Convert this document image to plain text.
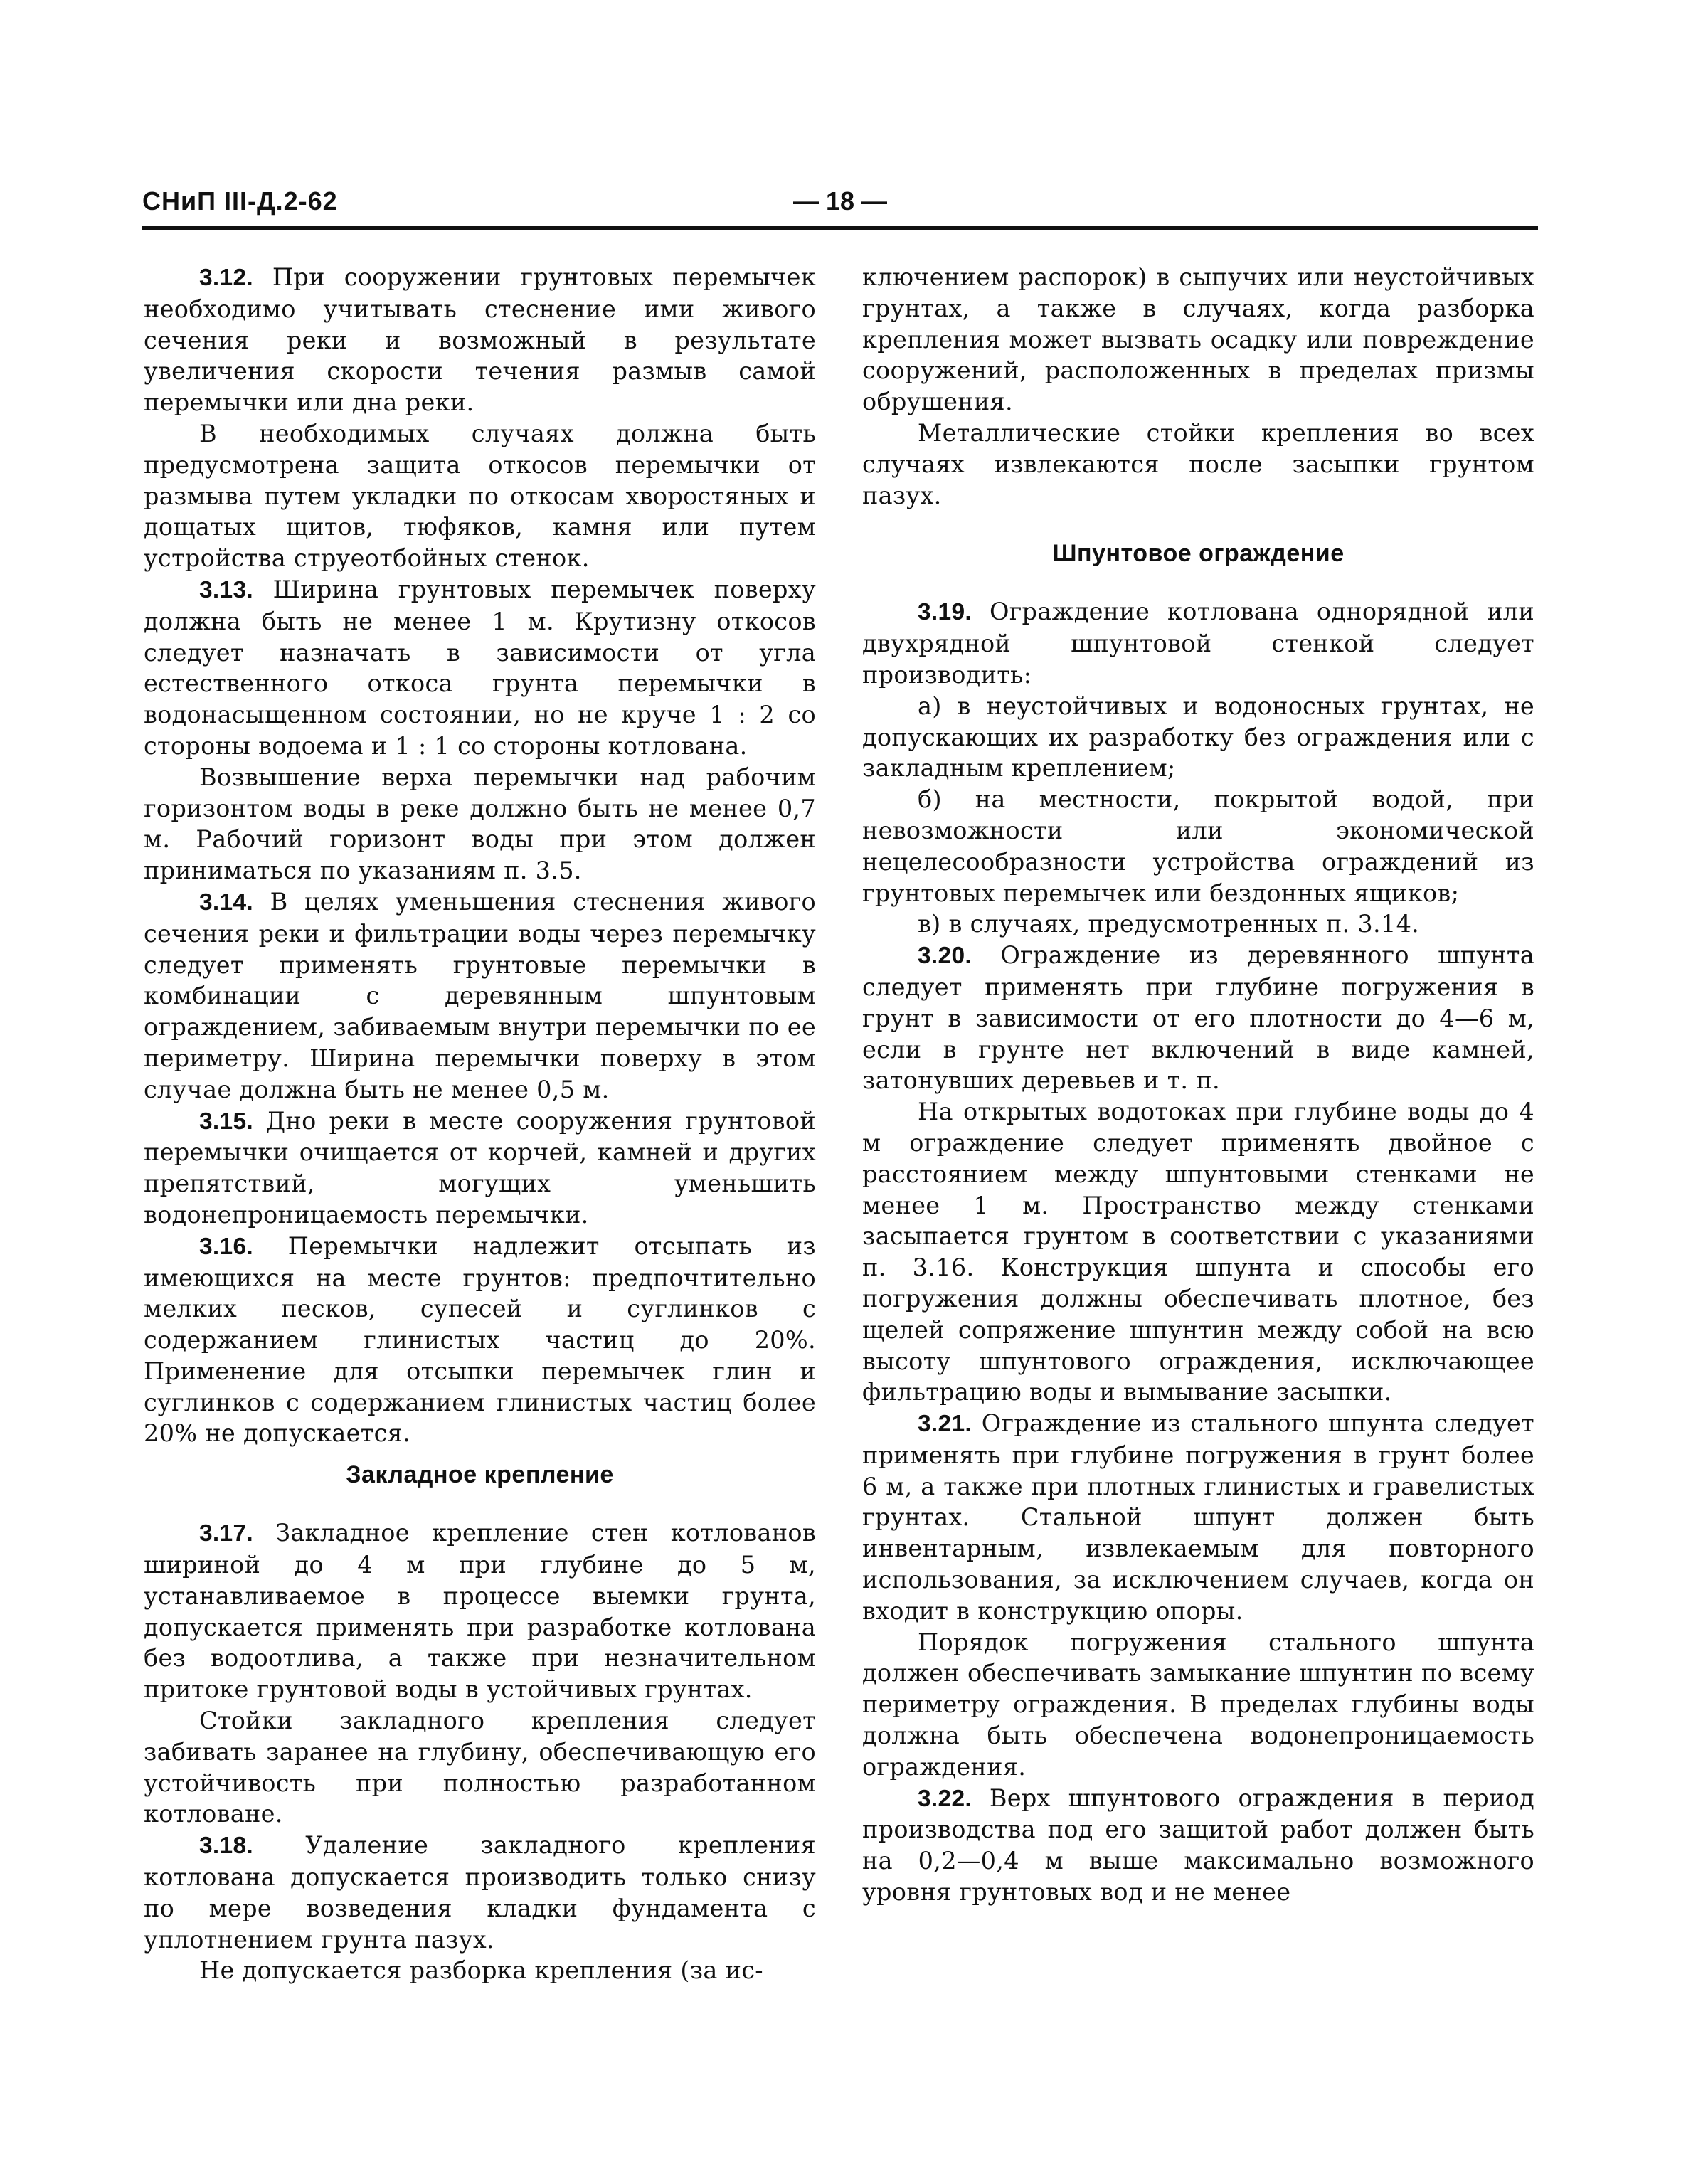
СНиП III-Д.2-62	— 18 —

3.12. При сооружении грунтовых перемычек необходимо учитывать стеснение ими живого сечения реки и возможный в результате увеличения скорости течения размыв самой перемычки или дна реки.

В необходимых случаях должна быть предусмотрена защита откосов перемычки от размыва путем укладки по откосам хворостяных и дощатых щитов, тюфяков, камня или путем устройства струеотбойных стенок.

3.13. Ширина грунтовых перемычек поверху должна быть не менее 1 м. Крутизну откосов следует назначать в зависимости от угла естественного откоса грунта перемычки в водонасыщенном состоянии, но не круче 1 : 2 со стороны водоема и 1 : 1 со стороны котлована.

Возвышение верха перемычки над рабочим горизонтом воды в реке должно быть не менее 0,7 м. Рабочий горизонт воды при этом должен приниматься по указаниям п. 3.5.

3.14. В целях уменьшения стеснения живого сечения реки и фильтрации воды через перемычку следует применять грунтовые перемычки в комбинации с деревянным шпунтовым ограждением, забиваемым внутри перемычки по ее периметру. Ширина перемычки поверху в этом случае должна быть не менее 0,5 м.

3.15. Дно реки в месте сооружения грунтовой перемычки очищается от корчей, камней и других препятствий, могущих уменьшить водонепроницаемость перемычки.

3.16. Перемычки надлежит отсыпать из имеющихся на месте грунтов: предпочтительно мелких песков, супесей и суглинков с содержанием глинистых частиц до 20%. Применение для отсыпки перемычек глин и суглинков с содержанием глинистых частиц более 20% не допускается.

Закладное крепление

3.17. Закладное крепление стен котлованов шириной до 4 м при глубине до 5 м, устанавливаемое в процессе выемки грунта, допускается применять при разработке котлована без водоотлива, а также при незначительном притоке грунтовой воды в устойчивых грунтах.

Стойки закладного крепления следует забивать заранее на глубину, обеспечивающую его устойчивость при полностью разработанном котловане.

3.18. Удаление закладного крепления котлована допускается производить только снизу по мере возведения кладки фундамента с уплотнением грунта пазух.

Не допускается разборка крепления (за ис-

ключением распорок) в сыпучих или неустойчивых грунтах, а также в случаях, когда разборка крепления может вызвать осадку или повреждение сооружений, расположенных в пределах призмы обрушения.

Металлические стойки крепления во всех случаях извлекаются после засыпки грунтом пазух.

Шпунтовое ограждение

3.19. Ограждение котлована однорядной или двухрядной шпунтовой стенкой следует производить:

а) в неустойчивых и водоносных грунтах, не допускающих их разработку без ограждения или с закладным креплением;

б) на местности, покрытой водой, при невозможности или экономической нецелесообразности устройства ограждений из грунтовых перемычек или бездонных ящиков;

в) в случаях, предусмотренных п. 3.14.

3.20. Ограждение из деревянного шпунта следует применять при глубине погружения в грунт в зависимости от его плотности до 4—6 м, если в грунте нет включений в виде камней, затонувших деревьев и т. п.

На открытых водотоках при глубине воды до 4 м ограждение следует применять двойное с расстоянием между шпунтовыми стенками не менее 1 м. Пространство между стенками засыпается грунтом в соответствии с указаниями п. 3.16. Конструкция шпунта и способы его погружения должны обеспечивать плотное, без щелей сопряжение шпунтин между собой на всю высоту шпунтового ограждения, исключающее фильтрацию воды и вымывание засыпки.

3.21. Ограждение из стального шпунта следует применять при глубине погружения в грунт более 6 м, а также при плотных глинистых и гравелистых грунтах. Стальной шпунт должен быть инвентарным, извлекаемым для повторного использования, за исключением случаев, когда он входит в конструкцию опоры.

Порядок погружения стального шпунта должен обеспечивать замыкание шпунтин по всему периметру ограждения. В пределах глубины воды должна быть обеспечена водонепроницаемость ограждения.

3.22. Верх шпунтового ограждения в период производства под его защитой работ должен быть на 0,2—0,4 м выше максимально возможного уровня грунтовых вод и не менее
